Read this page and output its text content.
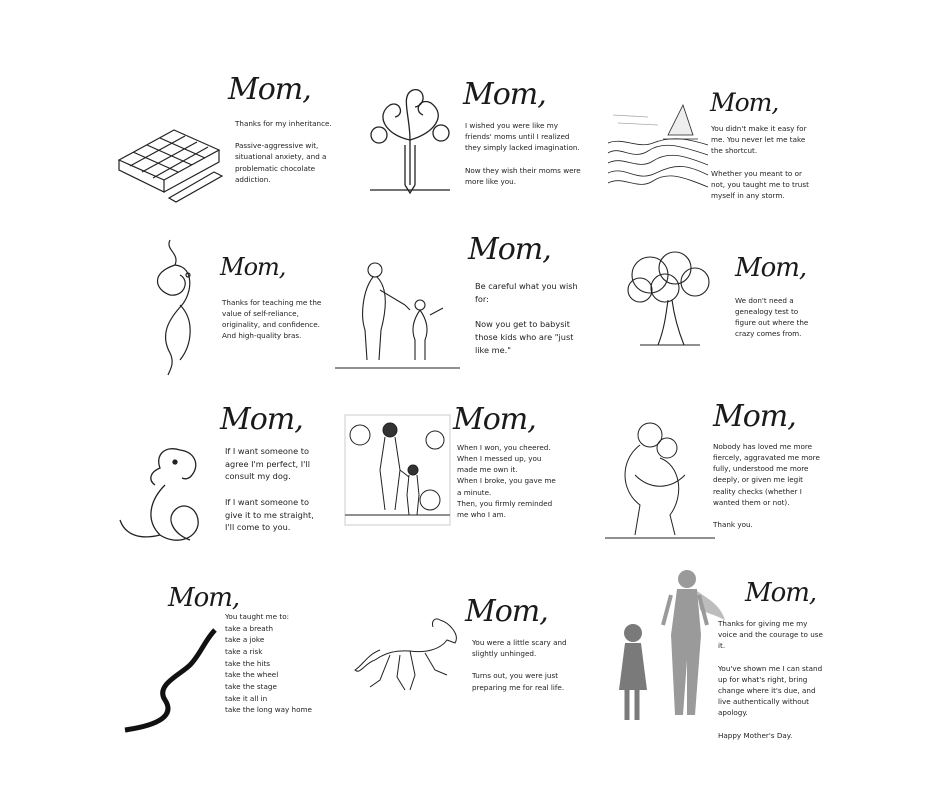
Mom,
Thanks for my inheritance.

Passive-aggressive wit, situational anxiety, and a problematic chocolate addiction.
Mom,
I wished you were like my friends' moms until I realized they simply lacked imagination.

Now they wish their moms were more like you.
Mom,
You didn't make it easy for me. You never let me take the shortcut.

Whether you meant to or not, you taught me to trust myself in any storm.
Mom,
Thanks for teaching me the value of self-reliance, originality, and confidence. And high-quality bras.
Mom,
Be careful what you wish for:

Now you get to babysit those kids who are "just like me."
Mom,
We don't need a genealogy test to figure out where the crazy comes from.
Mom,
If I want someone to agree I'm perfect, I'll consult my dog.

If I want someone to give it to me straight, I'll come to you.
Mom,
When I won, you cheered.
When I messed up, you made me own it.
When I broke, you gave me a minute.
Then, you firmly reminded me who I am.
Mom,
Nobody has loved me more fiercely, aggravated me more fully, understood me more deeply, or given me legit reality checks (whether I wanted them or not).

Thank you.
Mom,
You taught me to:
take a breath
take a joke
take a risk
take the hits
take the wheel
take the stage
take it all in
take the long way home
Mom,
You were a little scary and slightly unhinged.

Turns out, you were just preparing me for real life.
Mom,
Thanks for giving me my voice and the courage to use it.

You've shown me I can stand up for what's right, bring change where it's due, and live authentically without apology.

Happy Mother's Day.
